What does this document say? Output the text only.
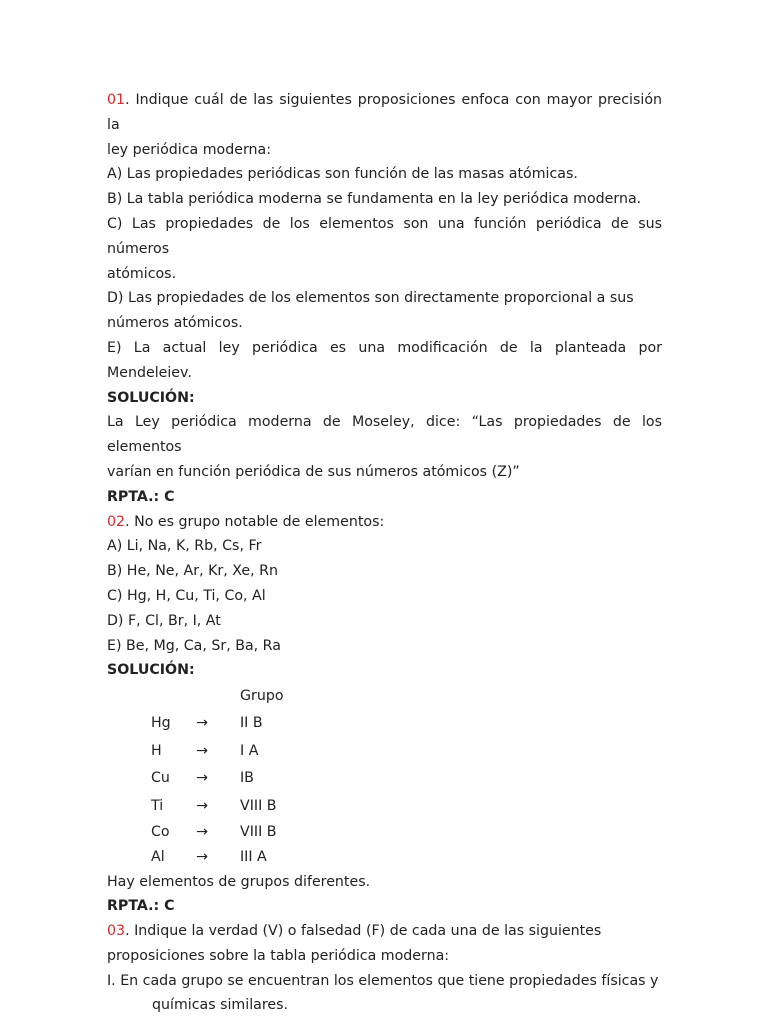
01. Indique cuál de las siguientes proposiciones enfoca con mayor precisión la

ley periódica moderna:

A) Las propiedades periódicas son función de las masas atómicas.

B) La tabla periódica moderna se fundamenta en la ley periódica moderna.

C) Las propiedades de los elementos son una función periódica de sus números

atómicos.

D) Las propiedades de los elementos son directamente proporcional a sus

números atómicos.

E) La actual ley periódica es una modificación de la planteada por Mendeleiev.

SOLUCIÓN:

La Ley periódica moderna de Moseley, dice: “Las propiedades de los elementos

varían en función periódica de sus números atómicos (Z)”

RPTA.: C

02. No es grupo notable de elementos:

A) Li, Na, K, Rb, Cs, Fr

B) He, Ne, Ar, Kr, Xe, Rn

C) Hg, H, Cu, Ti, Co, Al

D) F, Cl, Br, I, At

E) Be, Mg, Ca, Sr, Ba, Ra

SOLUCIÓN:

Grupo
Hg	→	II B
H	→	I A
Cu	→	IB
Ti	→	VIII B
Co	→	VIII B
Al	→	III A

Hay elementos de grupos diferentes.

RPTA.: C

03. Indique la verdad (V) o falsedad (F) de cada una de las siguientes

proposiciones sobre la tabla periódica moderna:

I. En cada grupo se encuentran los elementos que tiene propiedades físicas y

químicas similares.
